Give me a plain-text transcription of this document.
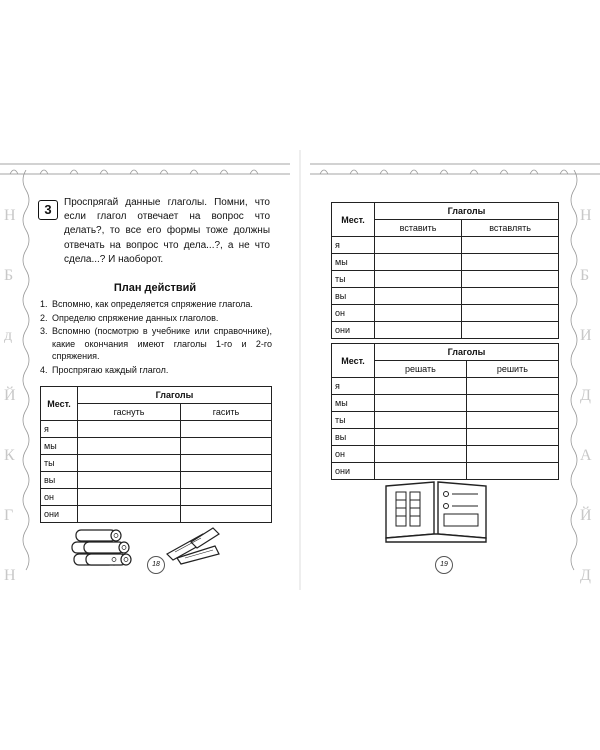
Н
Б
д
Й
К
Г
Н
Н
Б
И
Д
А
Й
Д
3	Проспрягай данные глаголы. Помни, что если глагол отвечает на вопрос что делать?, то все его формы тоже должны отвечать на вопрос что дела...?, а не что сдела...? И наоборот.
План действий
1. Вспомню, как определяется спряжение глагола.
2. Определю спряжение данных глаголов.
3. Вспомню (посмотрю в учебнике или справочнике), какие окончания имеют глаголы 1-го и 2-го спряжения.
4. Проспрягаю каждый глагол.
Мест.	Глаголы	
	гаснуть	гасить
я		
мы		
ты		
вы		
он		
они		
Мест.	Глаголы	
	вставить	вставлять
я		
мы		
ты		
вы		
он		
они		
Мест.	Глаголы	
	решать	решить
я		
мы		
ты		
вы		
он		
они		
18	19
